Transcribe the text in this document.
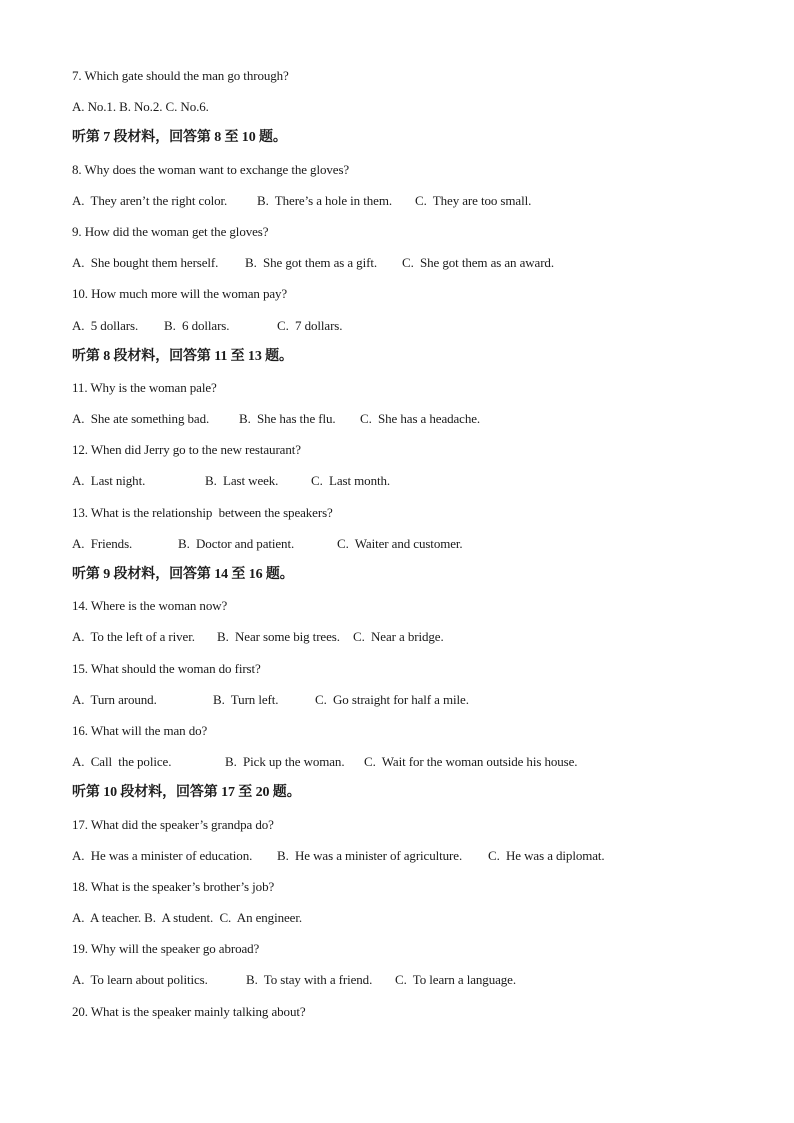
7. Which gate should the man go through?
A. No.1. B. No.2. C. No.6.
听第 7 段材料，回答第 8 至 10 题。
8. Why does the woman want to exchange the gloves?
A.  They aren’t the right color. B.  There’s a hole in them. C.  They are too small.
9. How did the woman get the gloves?
A.  She bought them herself. B.  She got them as a gift. C.  She got them as an award.
10. How much more will the woman pay?
A.  5 dollars. B.  6 dollars.	C.  7 dollars.
听第 8 段材料，回答第 11 至 13 题。
11. Why is the woman pale?
A.  She ate something bad. B.  She has the flu. C.  She has a headache.
12. When did Jerry go to the new restaurant?
A.  Last night.	B.  Last week.	C.  Last month.
13. What is the relationship  between the speakers?
A.  Friends.	B.  Doctor and patient.	C.  Waiter and customer.
听第 9 段材料，回答第 14 至 16 题。
14. Where is the woman now?
A.  To the left of a river. B.  Near some big trees. C.  Near a bridge.
15. What should the woman do first?
A.  Turn around.	B.  Turn left.	C.  Go straight for half a mile.
16. What will the man do?
A.  Call  the police.	B.  Pick up the woman. C.  Wait for the woman outside his house.
听第 10 段材料，回答第 17 至 20 题。
17. What did the speaker’s grandpa do?
A.  He was a minister of education. B.  He was a minister of agriculture. C.  He was a diplomat.
18. What is the speaker’s brother’s job?
A.  A teacher. B.  A student.  C.  An engineer.
19. Why will the speaker go abroad?
A.  To learn about politics.	B.  To stay with a friend. C.  To learn a language.
20. What is the speaker mainly talking about?
